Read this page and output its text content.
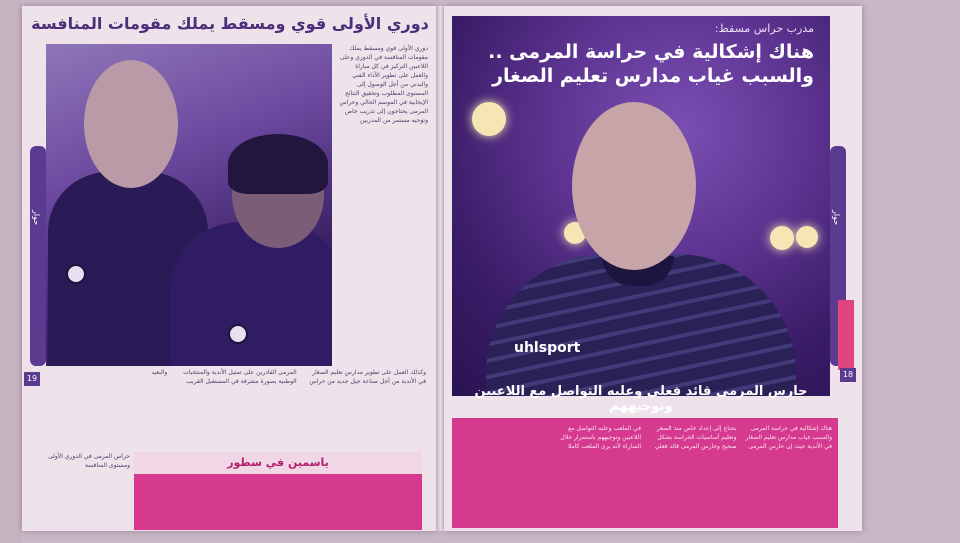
دوري الأولى قوي ومسقط يملك مقومات المنافسة
دوري الأولى قوي ومسقط يملك مقومات المنافسة في الدوري وعلى اللاعبين التركيز في كل مباراة والعمل على تطوير الأداء الفني والبدني من أجل الوصول إلى المستوى المطلوب وتحقيق النتائج الإيجابية في الموسم الحالي وحراس المرمى يحتاجون إلى تدريب خاص وتوجيه مستمر من المدربين
وكذلك العمل على تطوير مدارس تعليم الصغار في الأندية من أجل صناعة جيل جديد من حراس المرمى القادرين على تمثيل الأندية والمنتخبات الوطنية بصورة مشرفة في المستقبل القريب والبعيد
حوار
19
ياسمين في سطور
حراس المرمى في الدوري الأولى ومستوى المنافسة
مدرب حراس مسقط:
هناك إشكالية في حراسة المرمى ..
والسبب غياب مدارس تعليم الصغار
uhlsport
حارس المرمى قائد فعلي وعليه التواصل مع اللاعبين وتوجيههم
هناك إشكالية في حراسة المرمى والسبب غياب مدارس تعليم الصغار في الأندية حيث إن حارس المرمى يحتاج إلى إعداد خاص منذ الصغر وتعليم أساسيات الحراسة بشكل صحيح وحارس المرمى قائد فعلي في الملعب وعليه التواصل مع اللاعبين وتوجيههم باستمرار خلال المباراة لأنه يرى الملعب كاملا
حوار
18
